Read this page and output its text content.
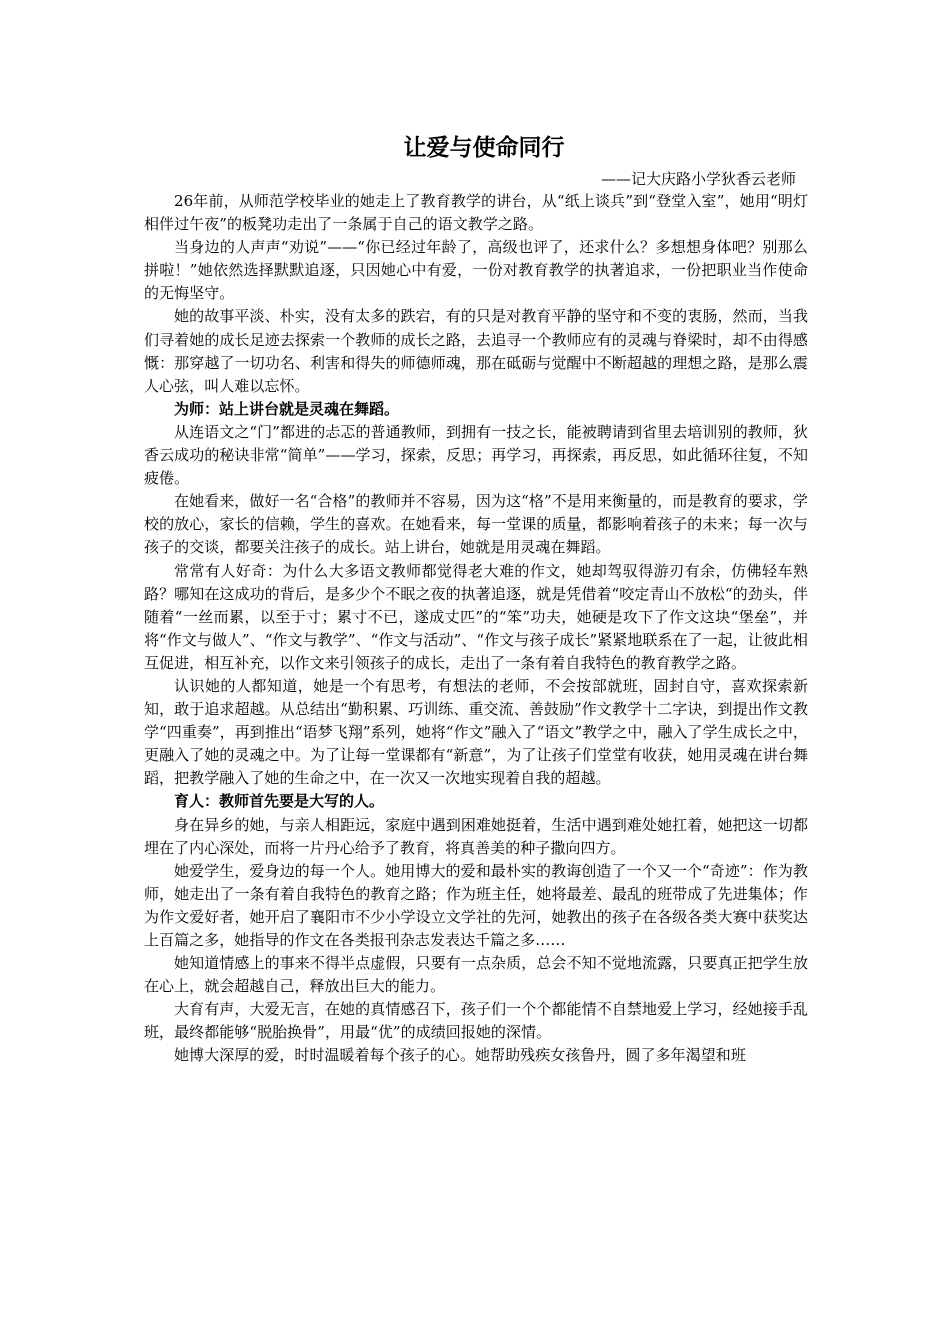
让爱与使命同行

——记大庆路小学狄香云老师

26年前，从师范学校毕业的她走上了教育教学的讲台，从“纸上谈兵”到“登堂入室”，她用“明灯相伴过午夜”的板凳功走出了一条属于自己的语文教学之路。

当身边的人声声“劝说”——“你已经过年龄了，高级也评了，还求什么？多想想身体吧？别那么拼啦！”她依然选择默默追逐，只因她心中有爱，一份对教育教学的执著追求，一份把职业当作使命的无悔坚守。

她的故事平淡、朴实，没有太多的跌宕，有的只是对教育平静的坚守和不变的衷肠，然而，当我们寻着她的成长足迹去探索一个教师的成长之路，去追寻一个教师应有的灵魂与脊梁时，却不由得感慨：那穿越了一切功名、利害和得失的师德师魂，那在砥砺与觉醒中不断超越的理想之路，是那么震人心弦，叫人难以忘怀。

为师：站上讲台就是灵魂在舞蹈。

从连语文之“门”都进的忐忑的普通教师，到拥有一技之长，能被聘请到省里去培训别的教师，狄香云成功的秘诀非常“简单”——学习，探索，反思；再学习，再探索，再反思，如此循环往复，不知疲倦。

在她看来，做好一名“合格”的教师并不容易，因为这“格”不是用来衡量的，而是教育的要求，学校的放心，家长的信赖，学生的喜欢。在她看来，每一堂课的质量，都影响着孩子的未来；每一次与孩子的交谈，都要关注孩子的成长。站上讲台，她就是用灵魂在舞蹈。

常常有人好奇：为什么大多语文教师都觉得老大难的作文，她却驾驭得游刃有余，仿佛轻车熟路？哪知在这成功的背后，是多少个不眠之夜的执著追逐，就是凭借着“咬定青山不放松“的劲头，伴随着“一丝而累，以至于寸；累寸不已，遂成丈匹”的“笨”功夫，她硬是攻下了作文这块“堡垒”，并将“作文与做人”、“作文与教学”、“作文与活动”、“作文与孩子成长”紧紧地联系在了一起，让彼此相互促进，相互补充，以作文来引领孩子的成长，走出了一条有着自我特色的教育教学之路。

认识她的人都知道，她是一个有思考，有想法的老师，不会按部就班，固封自守，喜欢探索新知，敢于追求超越。从总结出“勤积累、巧训练、重交流、善鼓励”作文教学十二字诀，到提出作文教学“四重奏”，再到推出“语梦飞翔”系列，她将“作文”融入了“语文”教学之中，融入了学生成长之中，更融入了她的灵魂之中。为了让每一堂课都有“新意”，为了让孩子们堂堂有收获，她用灵魂在讲台舞蹈，把教学融入了她的生命之中，在一次又一次地实现着自我的超越。

育人：教师首先要是大写的人。

身在异乡的她，与亲人相距远，家庭中遇到困难她挺着，生活中遇到难处她扛着，她把这一切都埋在了内心深处，而将一片丹心给予了教育，将真善美的种子撒向四方。

她爱学生，爱身边的每一个人。她用博大的爱和最朴实的教诲创造了一个又一个“奇迹”：作为教师，她走出了一条有着自我特色的教育之路；作为班主任，她将最差、最乱的班带成了先进集体；作为作文爱好者，她开启了襄阳市不少小学设立文学社的先河，她教出的孩子在各级各类大赛中获奖达上百篇之多，她指导的作文在各类报刊杂志发表达千篇之多……

她知道情感上的事来不得半点虚假，只要有一点杂质，总会不知不觉地流露，只要真正把学生放在心上，就会超越自己，释放出巨大的能力。

大育有声，大爱无言，在她的真情感召下，孩子们一个个都能情不自禁地爱上学习，经她接手乱班，最终都能够“脱胎换骨”，用最“优”的成绩回报她的深情。

她博大深厚的爱，时时温暖着每个孩子的心。她帮助残疾女孩鲁丹，圆了多年渴望和班
